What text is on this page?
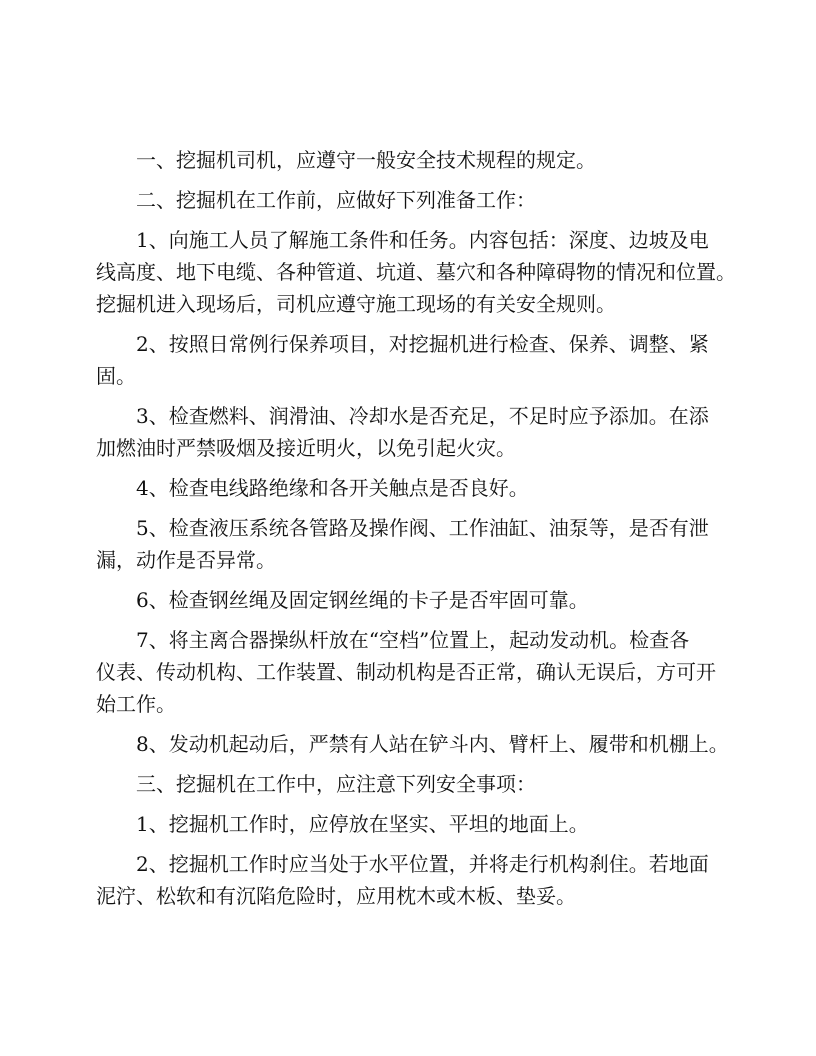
一、挖掘机司机，应遵守一般安全技术规程的规定。
二、挖掘机在工作前，应做好下列准备工作：
1、向施工人员了解施工条件和任务。内容包括：深度、边坡及电
线高度、地下电缆、各种管道、坑道、墓穴和各种障碍物的情况和位置。
挖掘机进入现场后，司机应遵守施工现场的有关安全规则。
2、按照日常例行保养项目，对挖掘机进行检查、保养、调整、紧
固。
3、检查燃料、润滑油、冷却水是否充足，不足时应予添加。在添
加燃油时严禁吸烟及接近明火，以免引起火灾。
4、检查电线路绝缘和各开关触点是否良好。
5、检查液压系统各管路及操作阀、工作油缸、油泵等，是否有泄
漏，动作是否异常。
6、检查钢丝绳及固定钢丝绳的卡子是否牢固可靠。
7、将主离合器操纵杆放在“空档”位置上，起动发动机。检查各
仪表、传动机构、工作装置、制动机构是否正常，确认无误后，方可开
始工作。
8、发动机起动后，严禁有人站在铲斗内、臂杆上、履带和机棚上。
三、挖掘机在工作中，应注意下列安全事项：
1、挖掘机工作时，应停放在坚实、平坦的地面上。
2、挖掘机工作时应当处于水平位置，并将走行机构刹住。若地面
泥泞、松软和有沉陷危险时，应用枕木或木板、垫妥。
